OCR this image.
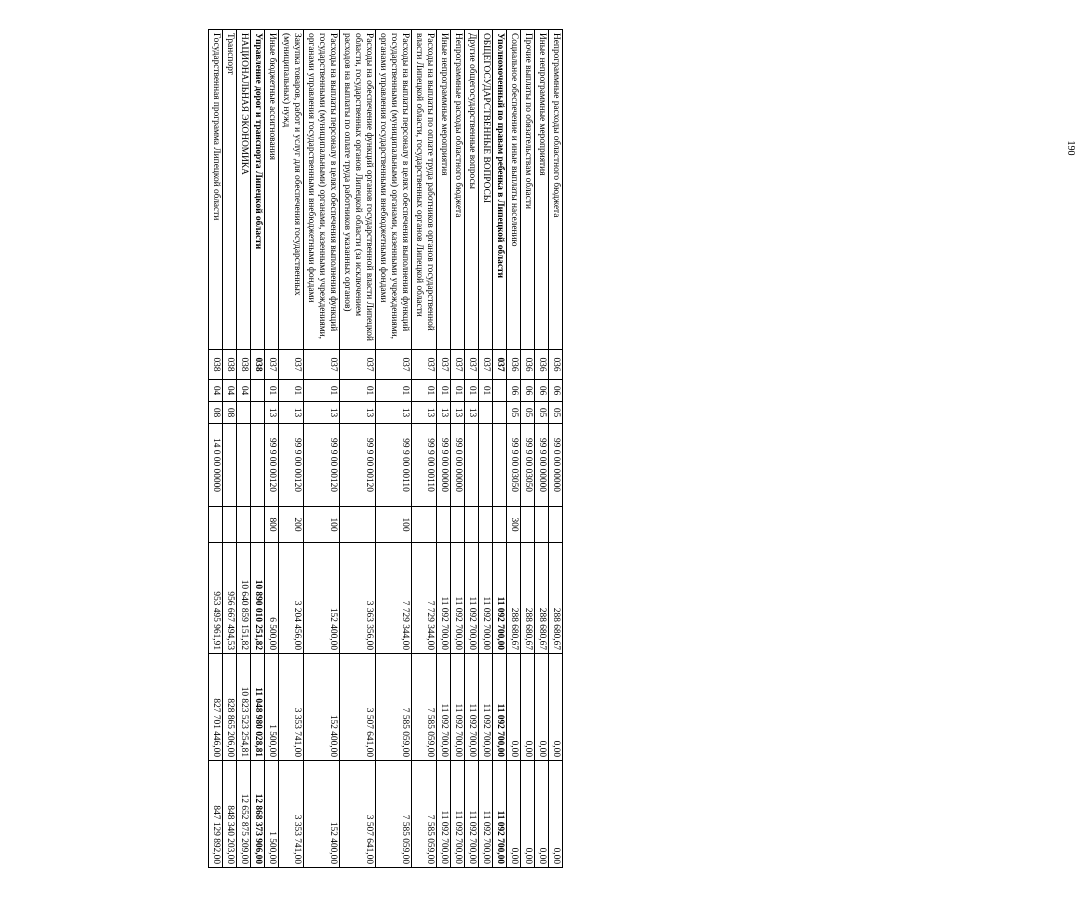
190
Непрограммные расходы областного бюджета	036	06	05	99 0 00 00000		288 680,67	0,00	0,00
Иные непрограммные мероприятия	036	06	05	99 9 00 00000		288 680,67	0,00	0,00
Прочие выплаты по обязательствам области	036	06	05	99 9 00 03050		288 680,67	0,00	0,00
Социальное обеспечение и иные выплаты населению	036	06	05	99 9 00 03050	300	288 680,67	0,00	0,00
Уполномоченный по правам ребенка в Липецкой области	037					11 092 700,00	11 092 700,00	11 092 700,00
ОБЩЕГОСУДАРСТВЕННЫЕ ВОПРОСЫ	037	01				11 092 700,00	11 092 700,00	11 092 700,00
Другие общегосударственные вопросы	037	01	13			11 092 700,00	11 092 700,00	11 092 700,00
Непрограммные расходы областного бюджета	037	01	13	99 0 00 00000		11 092 700,00	11 092 700,00	11 092 700,00
Иные непрограммные мероприятия	037	01	13	99 9 00 00000		11 092 700,00	11 092 700,00	11 092 700,00
Расходы на выплаты по оплате труда работников органов государственной власти Липецкой области, государственных органов Липецкой области	037	01	13	99 9 00 00110		7 729 344,00	7 585 059,00	7 585 059,00
Расходы на выплаты персоналу в целях обеспечения выполнения функций государственными (муниципальными) органами, казенными учреждениями, органами управления государственными внебюджетными фондами	037	01	13	99 9 00 00110	100	7 729 344,00	7 585 059,00	7 585 059,00
Расходы на обеспечение функций органов государственной власти Липецкой области, государственных органов Липецкой области (за исключением расходов на выплаты по оплате труда работников указанных органов)	037	01	13	99 9 00 00120		3 363 356,00	3 507 641,00	3 507 641,00
Расходы на выплаты персоналу в целях обеспечения выполнения функций государственными (муниципальными) органами, казенными учреждениями, органами управления государственными внебюджетными фондами	037	01	13	99 9 00 00120	100	152 400,00	152 400,00	152 400,00
Закупка товаров, работ и услуг для обеспечения государственных (муниципальных) нужд	037	01	13	99 9 00 00120	200	3 204 456,00	3 353 741,00	3 353 741,00
Иные бюджетные ассигнования	037	01	13	99 9 00 00120	800	6 500,00	1 500,00	1 500,00
Управление дорог и транспорта Липецкой области	038					10 890 010 251,82	11 048 980 028,81	12 868 373 906,00
НАЦИОНАЛЬНАЯ ЭКОНОМИКА	038	04				10 640 859 151,82	10 823 523 254,81	12 652 875 209,00
Транспорт	038	04	08			956 667 494,53	828 865 206,00	848 340 203,00
Государственная программа Липецкой области	038	04	08	14 0 00 00000		953 495 961,91	827 701 446,00	847 129 892,00
